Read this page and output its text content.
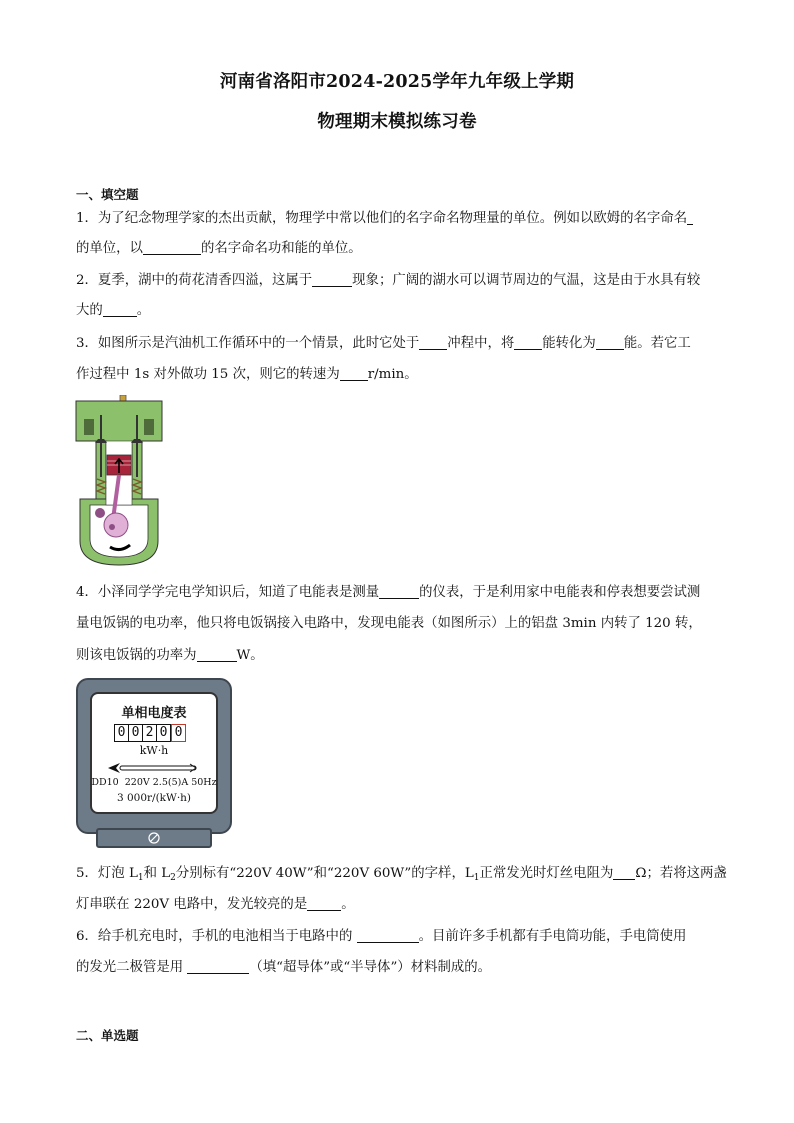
河南省洛阳市2024-2025学年九年级上学期
物理期末模拟练习卷
一、填空题
1．为了纪念物理学家的杰出贡献，物理学中常以他们的名字命名物理量的单位。例如以欧姆的名字命名
的单位，以	的名字命名功和能的单位。
2．夏季，湖中的荷花清香四溢，这属于	现象；广阔的湖水可以调节周边的气温，这是由于水具有较
大的	。
3．如图所示是汽油机工作循环中的一个情景，此时它处于 冲程中，将 能转化为 能。若它工
作过程中 1s 对外做功 15 次，则它的转速为 r/min。
4．小泽同学学完电学知识后，知道了电能表是测量	的仪表，于是利用家中电能表和停表想要尝试测
量电饭锅的电功率，他只将电饭锅接入电路中，发现电能表（如图所示）上的铝盘 3min 内转了 120 转，
则该电饭锅的功率为	W。
单相电度表
0 0 2 0 0
kW·h
DD10  220V 2.5(5)A 50Hz
3 000r/(kW·h)
5．灯泡 $L_1$和 $L_2$分别标有“220V 40W”和“220V 60W”的字样，$L_1$正常发光时灯丝电阻为 Ω；若将这两盏
灯串联在 220V 电路中，发光较亮的是	。
6．给手机充电时，手机的电池相当于电路中的	。目前许多手机都有手电筒功能，手电筒使用
的发光二极管是用	（填“超导体”或“半导体”）材料制成的。
二、单选题
